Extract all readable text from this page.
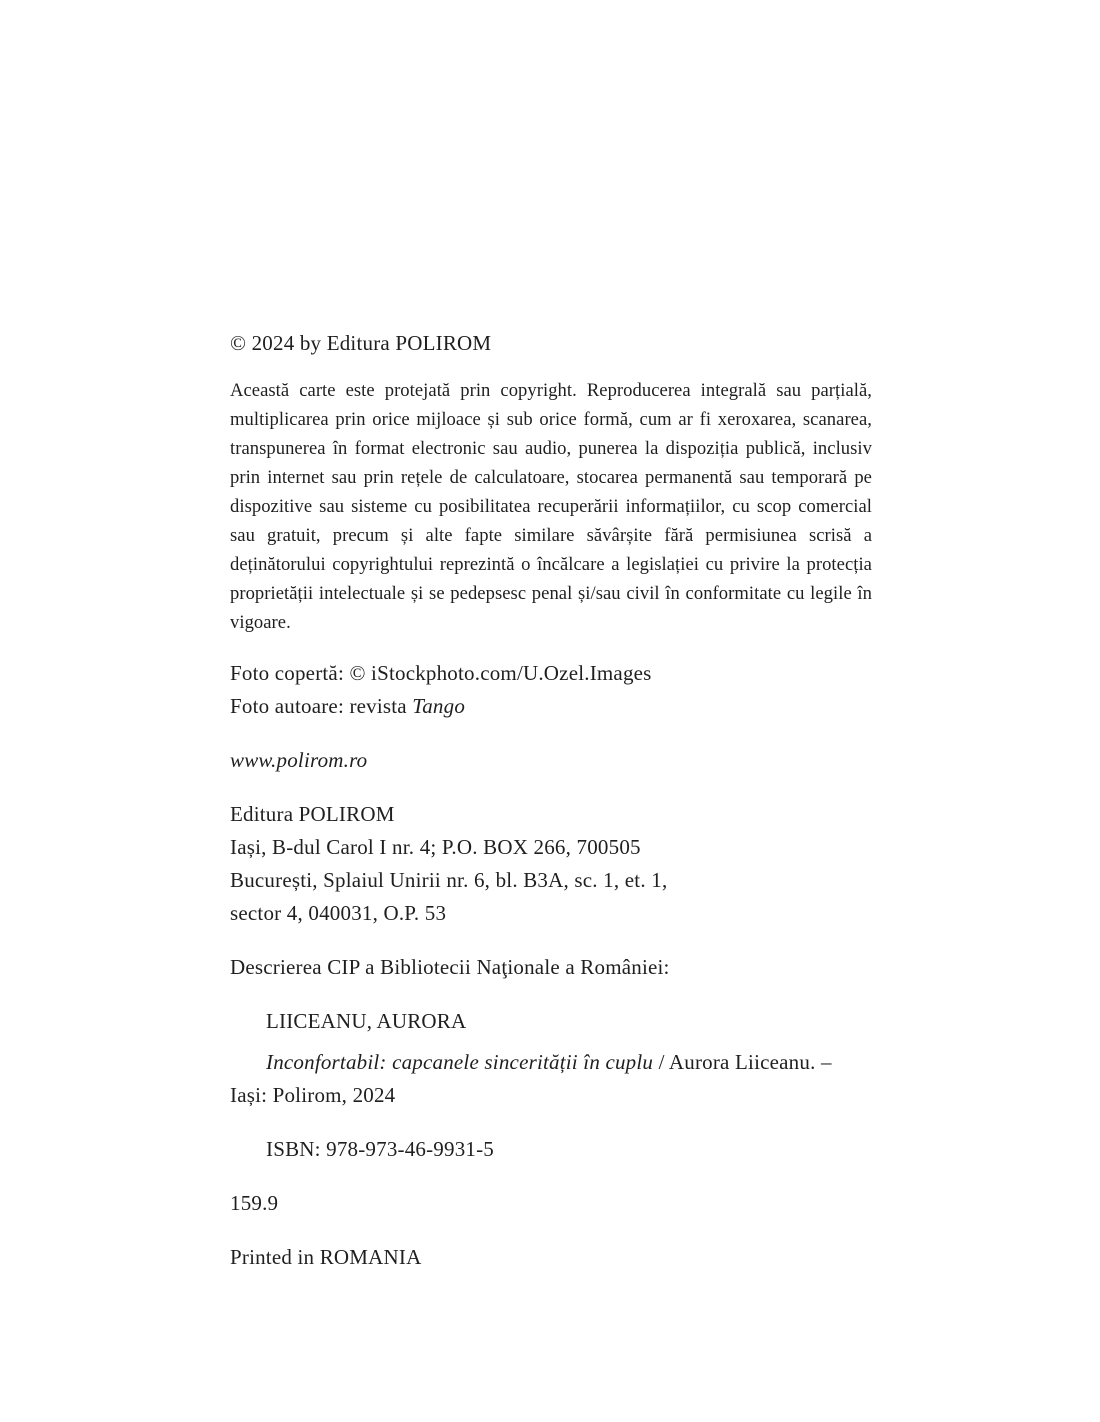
© 2024 by Editura POLIROM
Această carte este protejată prin copyright. Reproducerea integrală sau parțială, multiplicarea prin orice mijloace și sub orice formă, cum ar fi xeroxarea, scanarea, transpunerea în format electronic sau audio, punerea la dispoziția publică, inclusiv prin internet sau prin rețele de calculatoare, stocarea permanentă sau temporară pe dispozitive sau sisteme cu posibilitatea recuperării informațiilor, cu scop comercial sau gratuit, precum și alte fapte similare săvârșite fără permisiunea scrisă a deținătorului copyrightului reprezintă o încălcare a legislației cu privire la protecția proprietății intelectuale și se pedepsesc penal și/sau civil în conformitate cu legile în vigoare.
Foto copertă: © iStockphoto.com/U.Ozel.Images
Foto autoare: revista Tango
www.polirom.ro
Editura POLIROM
Iași, B-dul Carol I nr. 4; P.O. BOX 266, 700505
București, Splaiul Unirii nr. 6, bl. B3A, sc. 1, et. 1,
sector 4, 040031, O.P. 53
Descrierea CIP a Bibliotecii Naţionale a României:
LIICEANU, AURORA
Inconfortabil: capcanele sincerității în cuplu / Aurora Liiceanu. – Iași: Polirom, 2024
ISBN: 978-973-46-9931-5
159.9
Printed in ROMANIA
